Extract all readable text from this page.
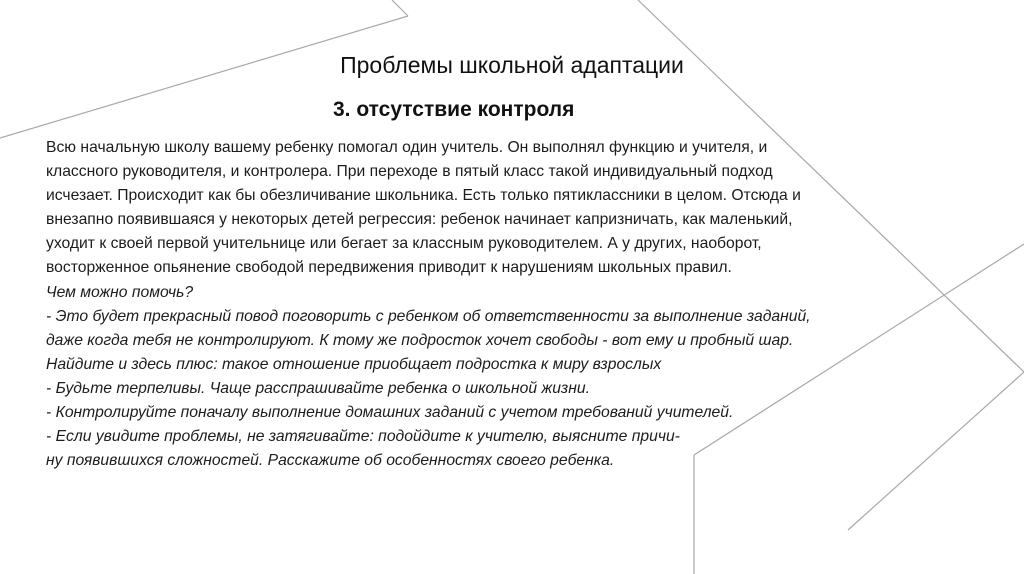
Проблемы школьной адаптации
3. отсутствие контроля

Всю начальную школу вашему ребенку помогал один учитель. Он выполнял функцию и учителя, и

классного руководителя, и контролера. При переходе в пятый класс такой индивидуальный подход

исчезает. Происходит как бы обезличивание школьника. Есть только пятиклассники в целом. Отсюда и

внезапно появившаяся у некоторых детей регрессия: ребенок начинает капризничать, как маленький,

уходит к своей первой учительнице или бегает за классным руководителем. А у других, наоборот,

восторженное опьянение свободой передвижения приводит к нарушениям школьных правил.

Чем можно помочь?

- Это будет прекрасный повод поговорить с ребенком об ответственности за выполнение заданий,

даже когда тебя не контролируют. К тому же подросток хочет свободы - вот ему и пробный шар.

Найдите и здесь плюс: такое отношение приобщает подростка к миру взрослых

- Будьте терпеливы. Чаще расспрашивайте ребенка о школьной жизни.

- Контролируйте поначалу выполнение домашних заданий с учетом требований учителей.

- Если увидите проблемы, не затягивайте: подойдите к учителю, выясните причи-

ну появившихся сложностей. Расскажите об особенностях своего ребенка.
